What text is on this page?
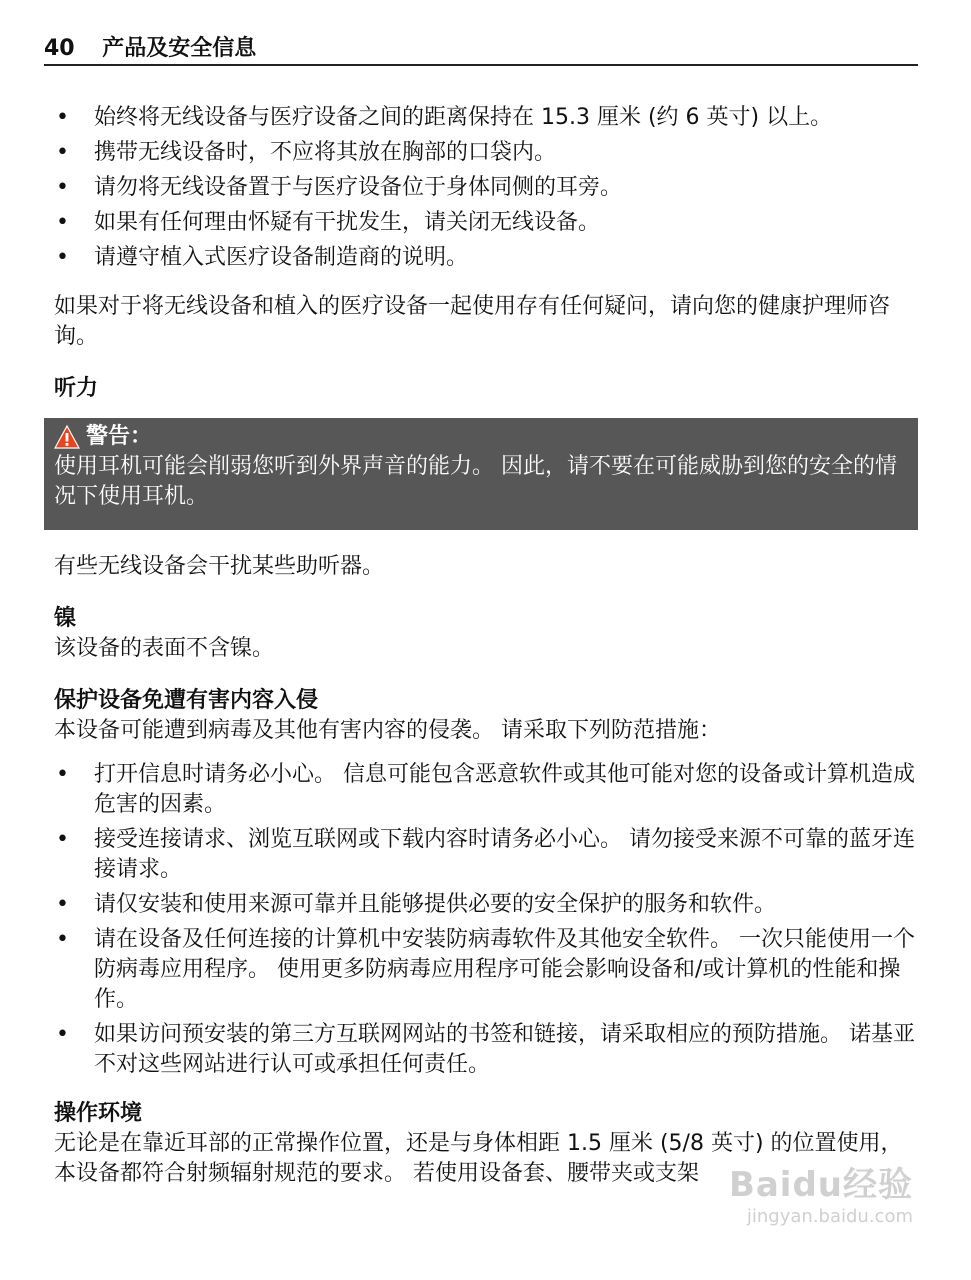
40 产品及安全信息
• 始终将无线设备与医疗设备之间的距离保持在 15.3 厘米 (约 6 英寸) 以上。
• 携带无线设备时，不应将其放在胸部的口袋内。
• 请勿将无线设备置于与医疗设备位于身体同侧的耳旁。
• 如果有任何理由怀疑有干扰发生，请关闭无线设备。
• 请遵守植入式医疗设备制造商的说明。

如果对于将无线设备和植入的医疗设备一起使用存有任何疑问，请向您的健康护理师咨询。

听力
警告：

使用耳机可能会削弱您听到外界声音的能力。 因此，请不要在可能威胁到您的安全的情况下使用耳机。

有些无线设备会干扰某些助听器。

镍

该设备的表面不含镍。

保护设备免遭有害内容入侵

本设备可能遭到病毒及其他有害内容的侵袭。 请采取下列防范措施：

• 打开信息时请务必小心。 信息可能包含恶意软件或其他可能对您的设备或计算机造成危害的因素。
• 接受连接请求、浏览互联网或下载内容时请务必小心。 请勿接受来源不可靠的蓝牙连接请求。
• 请仅安装和使用来源可靠并且能够提供必要的安全保护的服务和软件。
• 请在设备及任何连接的计算机中安装防病毒软件及其他安全软件。 一次只能使用一个防病毒应用程序。 使用更多防病毒应用程序可能会影响设备和/或计算机的性能和操作。
• 如果访问预安装的第三方互联网网站的书签和链接，请采取相应的预防措施。 诺基亚不对这些网站进行认可或承担任何责任。
操作环境

无论是在靠近耳部的正常操作位置，还是与身体相距 1.5 厘米 (5/8 英寸) 的位置使用，本设备都符合射频辐射规范的要求。 若使用设备套、腰带夹或支架 Baidu经验
jingyan.baidu.com
